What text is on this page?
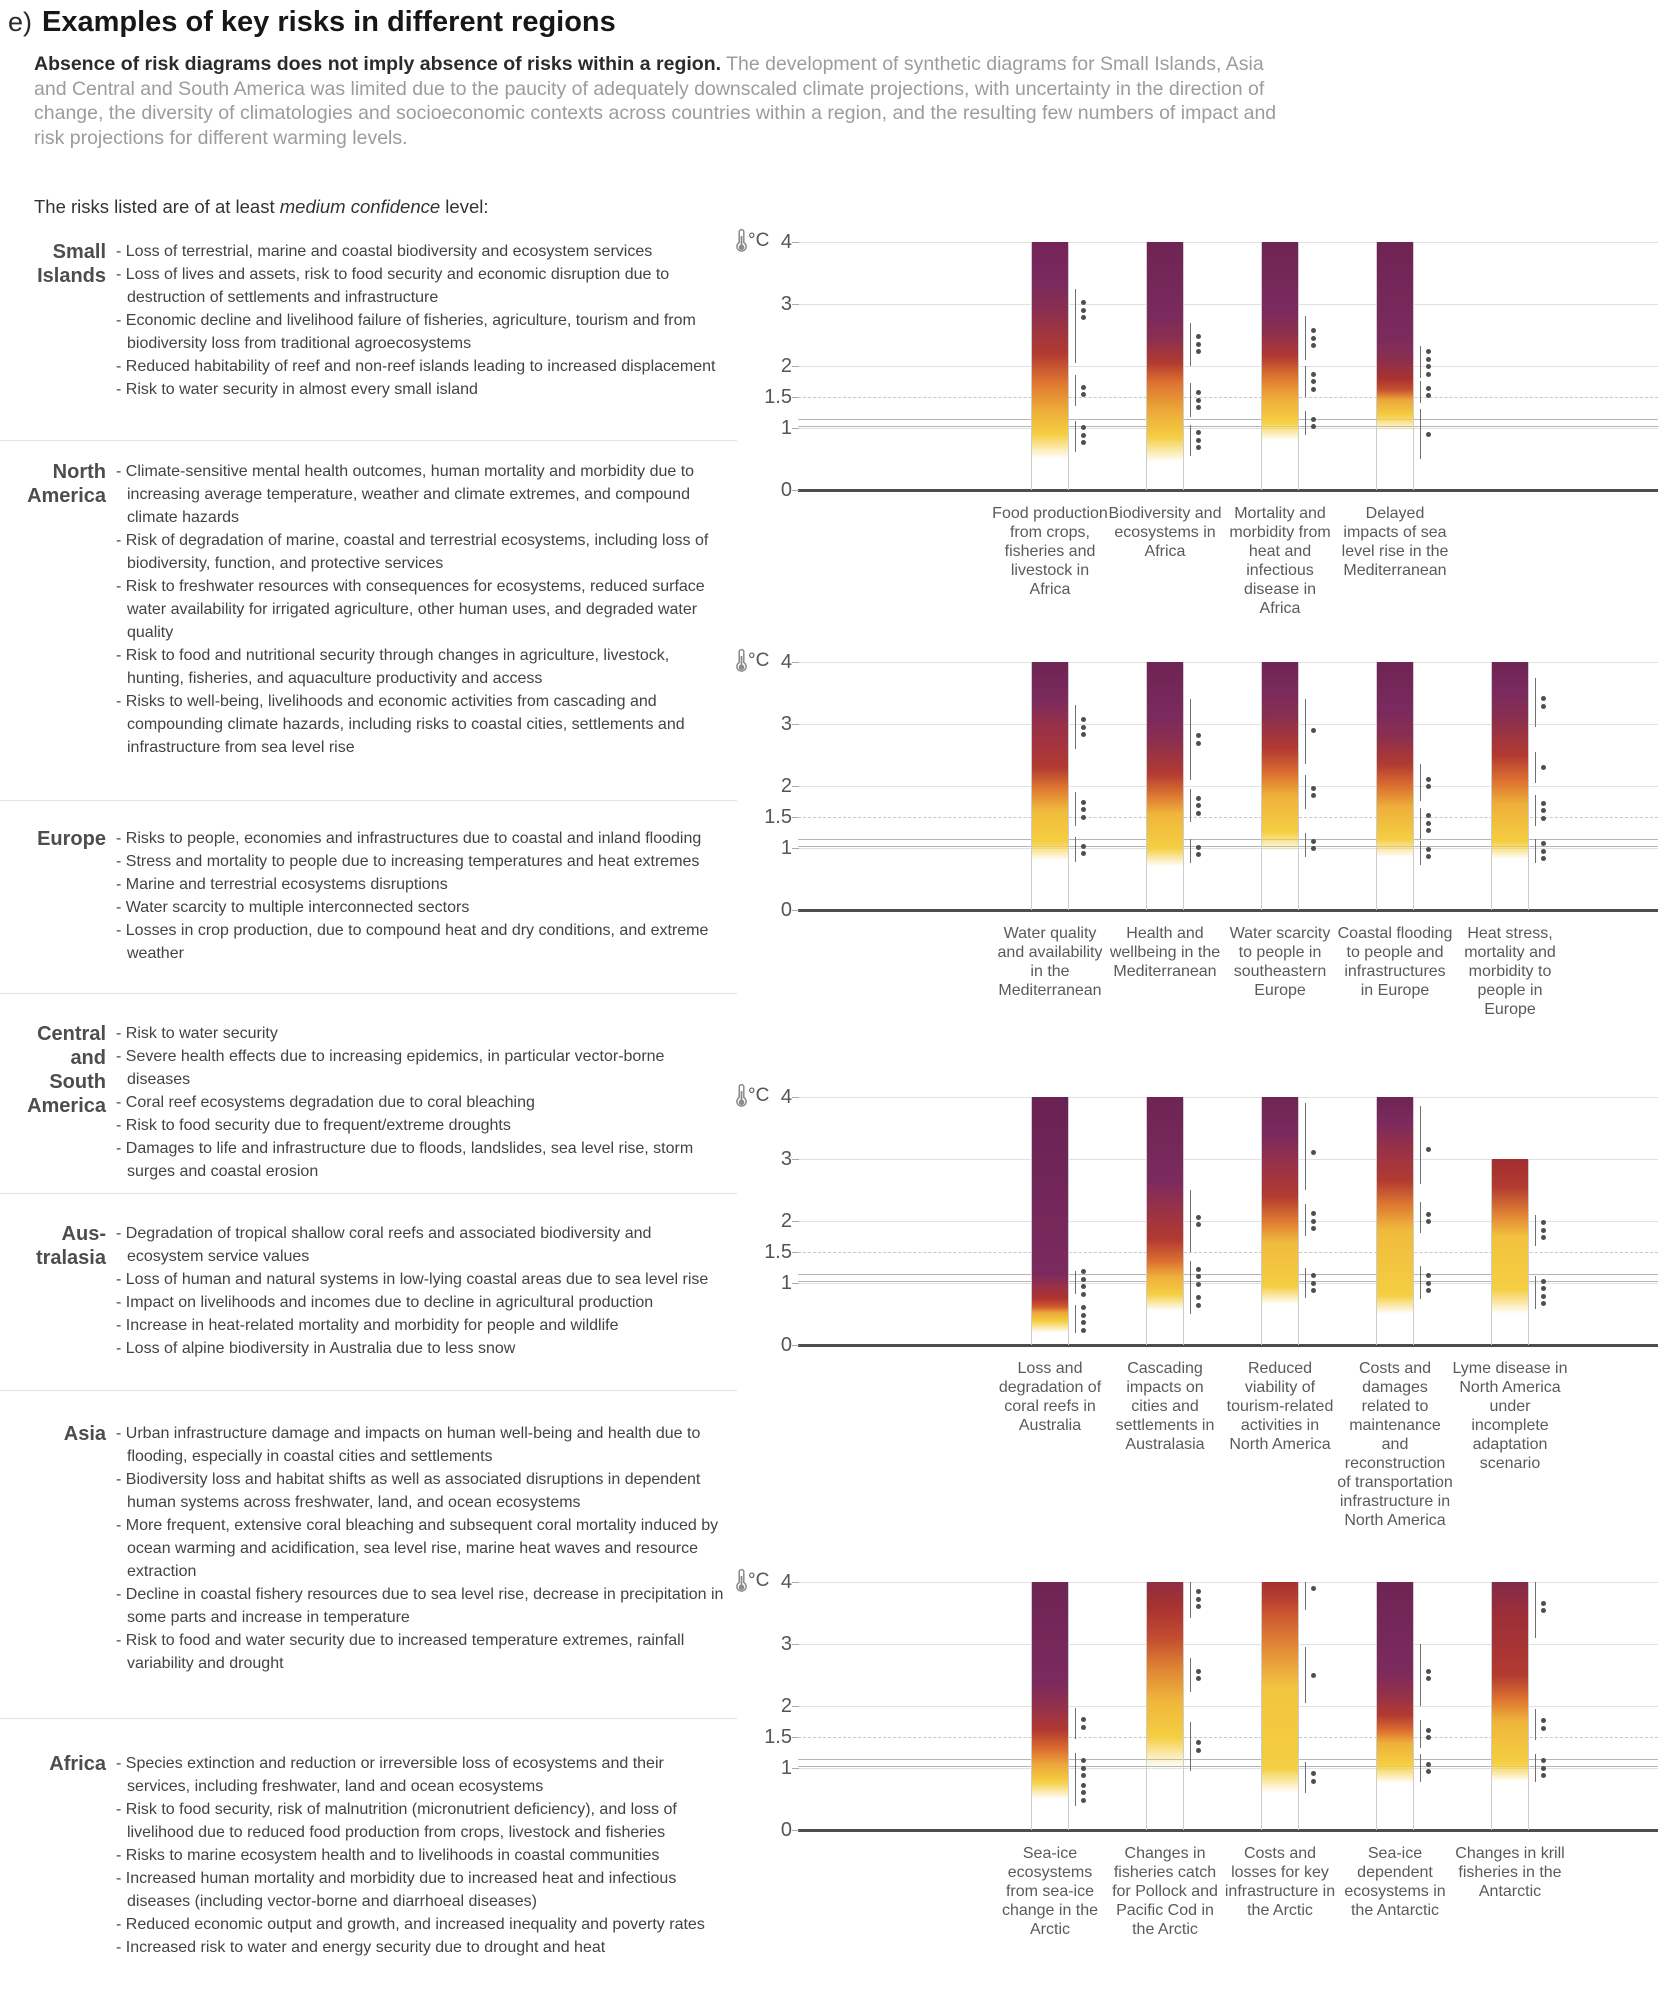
e) Examples of key risks in different regions

Absence of risk diagrams does not imply absence of risks within a region. The development of synthetic diagrams for Small Islands, Asia and Central and South America was limited due to the paucity of adequately downscaled climate projections, with uncertainty in the direction of change, the diversity of climatologies and socioeconomic contexts across countries within a region, and the resulting few numbers of impact and risk projections for different warming levels.

The risks listed are of at least medium confidence level:

Small
Islands
- Loss of terrestrial, marine and coastal biodiversity and ecosystem services
- Loss of lives and assets, risk to food security and economic disruption due to destruction of settlements and infrastructure
- Economic decline and livelihood failure of fisheries, agriculture, tourism and from biodiversity loss from traditional agroecosystems
- Reduced habitability of reef and non-reef islands leading to increased displacement
- Risk to water security in almost every small island
North
America
- Climate-sensitive mental health outcomes, human mortality and morbidity due to increasing average temperature, weather and climate extremes, and compound climate hazards
- Risk of degradation of marine, coastal and terrestrial ecosystems, including loss of biodiversity, function, and protective services
- Risk to freshwater resources with consequences for ecosystems, reduced surface water availability for irrigated agriculture, other human uses, and degraded water quality
- Risk to food and nutritional security through changes in agriculture, livestock, hunting, fisheries, and aquaculture productivity and access
- Risks to well-being, livelihoods and economic activities from cascading and compounding climate hazards, including risks to coastal cities, settlements and infrastructure from sea level rise
Europe	- Risks to people, economies and infrastructures due to coastal and inland flooding
- Stress and mortality to people due to increasing temperatures and heat extremes
- Marine and terrestrial ecosystems disruptions
- Water scarcity to multiple interconnected sectors
- Losses in crop production, due to compound heat and dry conditions, and extreme weather
Central
and
South
America
- Risk to water security
- Severe health effects due to increasing epidemics, in particular vector-borne diseases
- Coral reef ecosystems degradation due to coral bleaching
- Risk to food security due to frequent/extreme droughts
- Damages to life and infrastructure due to floods, landslides, sea level rise, storm surges and coastal erosion
Aus-
tralasia
- Degradation of tropical shallow coral reefs and associated biodiversity and ecosystem service values
- Loss of human and natural systems in low-lying coastal areas due to sea level rise
- Impact on livelihoods and incomes due to decline in agricultural production
- Increase in heat-related mortality and morbidity for people and wildlife
- Loss of alpine biodiversity in Australia due to less snow
Asia	- Urban infrastructure damage and impacts on human well-being and health due to flooding, especially in coastal cities and settlements
- Biodiversity loss and habitat shifts as well as associated disruptions in dependent human systems across freshwater, land, and ocean ecosystems
- More frequent, extensive coral bleaching and subsequent coral mortality induced by ocean warming and acidification, sea level rise, marine heat waves and resource extraction
- Decline in coastal fishery resources due to sea level rise, decrease in precipitation in some parts and increase in temperature
- Risk to food and water security due to increased temperature extremes, rainfall variability and drought
Africa	- Species extinction and reduction or irreversible loss of ecosystems and their services, including freshwater, land and ocean ecosystems
- Risk to food security, risk of malnutrition (micronutrient deficiency), and loss of livelihood due to reduced food production from crops, livestock and fisheries
- Risks to marine ecosystem health and to livelihoods in coastal communities
- Increased human mortality and morbidity due to increased heat and infectious diseases (including vector-borne and diarrhoeal diseases)
- Reduced economic output and growth, and increased inequality and poverty rates
- Increased risk to water and energy security due to drought and heat
4
3
2
1.5
1
0
°C
Food production from crops, fisheries and livestock in Africa
Biodiversity and ecosystems in Africa
Mortality and morbidity from heat and infectious disease in Africa
Delayed impacts of sea level rise in the Mediterranean
4
3
2
1.5
1
0
°C
Water quality and availability in the Mediterranean
Health and wellbeing in the Mediterranean
Water scarcity to people in southeastern Europe
Coastal flooding to people and infrastructures in Europe
Heat stress, mortality and morbidity to people in Europe
4
3
2
1.5
1
0
°C
Loss and degradation of coral reefs in Australia
Cascading impacts on cities and settlements in Australasia
Reduced viability of tourism-related activities in North America
Costs and damages related to maintenance and reconstruction of transportation infrastructure in North America
Lyme disease in North America under incomplete adaptation scenario
4
3
2
1.5
1
0
°C
Sea-ice ecosystems from sea-ice change in the Arctic
Changes in fisheries catch for Pollock and Pacific Cod in the Arctic
Costs and losses for key infrastructure in the Arctic
Sea-ice dependent ecosystems in the Antarctic
Changes in krill fisheries in the Antarctic
